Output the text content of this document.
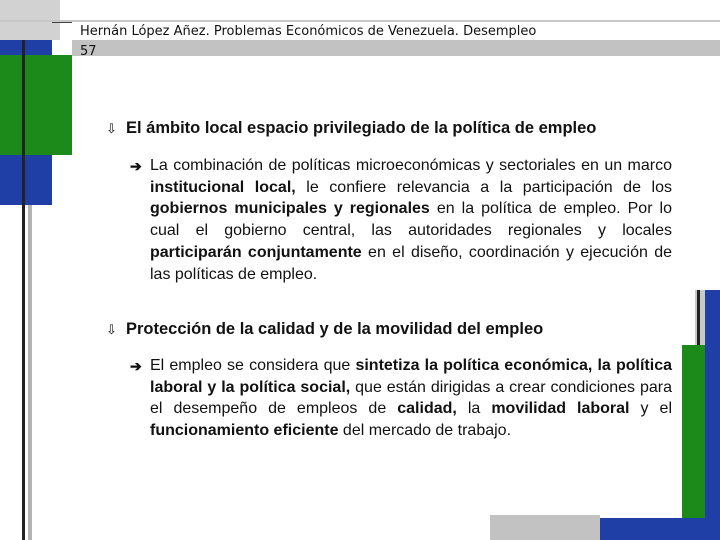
Hernán López Añez. Problemas Económicos de Venezuela. Desempleo
57
⇩ El ámbito local espacio privilegiado de la política de empleo
➔ La combinación de políticas microeconómicas y sectoriales en un marco institucional local, le confiere relevancia a la participación de los gobiernos municipales y regionales en la política de empleo. Por lo cual el gobierno central, las autoridades regionales y locales participarán conjuntamente en el diseño, coordinación y ejecución de las políticas de empleo.
⇩ Protección de la calidad y de la movilidad del empleo
➔ El empleo se considera que sintetiza la política económica, la política laboral y la política social, que están dirigidas a crear condiciones para el desempeño de empleos de calidad, la movilidad laboral y el funcionamiento eficiente del mercado de trabajo.
